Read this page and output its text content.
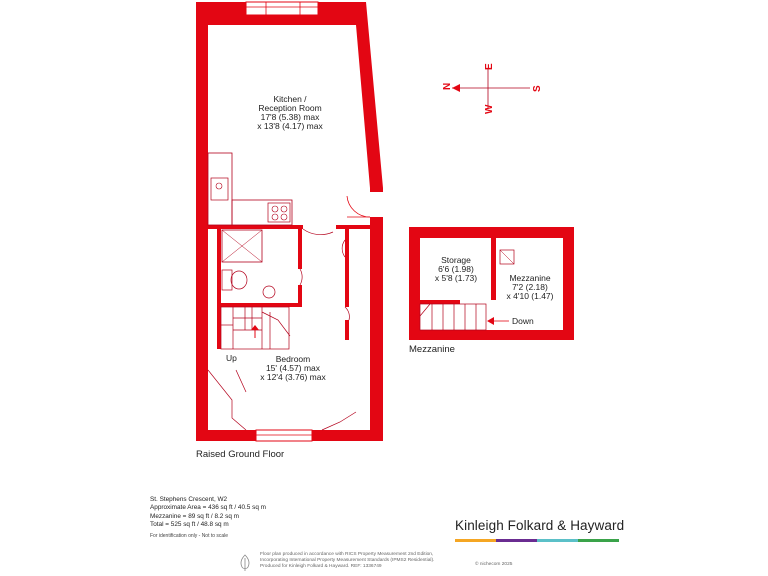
N
E
S
W
Kitchen /
Reception Room
17'8 (5.38) max
x 13'8 (4.17) max
Bedroom
15' (4.57) max
x 12'4 (3.76) max
Storage
6'6 (1.98)
x 5'8 (1.73)	Mezzanine
7'2 (2.18)
x 4'10 (1.47)
Up
Down
Raised Ground Floor
Mezzanine
St. Stephens Crescent, W2
Approximate Area = 436 sq ft / 40.5 sq m
Mezzanine = 89 sq ft / 8.2 sq m
Total = 525 sq ft / 48.8 sq m
For identification only - Not to scale
Kinleigh Folkard & Hayward
Floor plan produced in accordance with RICS Property Measurement 2nd Edition,
Incorporating International Property Measurement Standards (IPMS2 Residential).
Produced for Kinleigh Folkard & Hayward. REF: 1336749	© nichecom 2025
